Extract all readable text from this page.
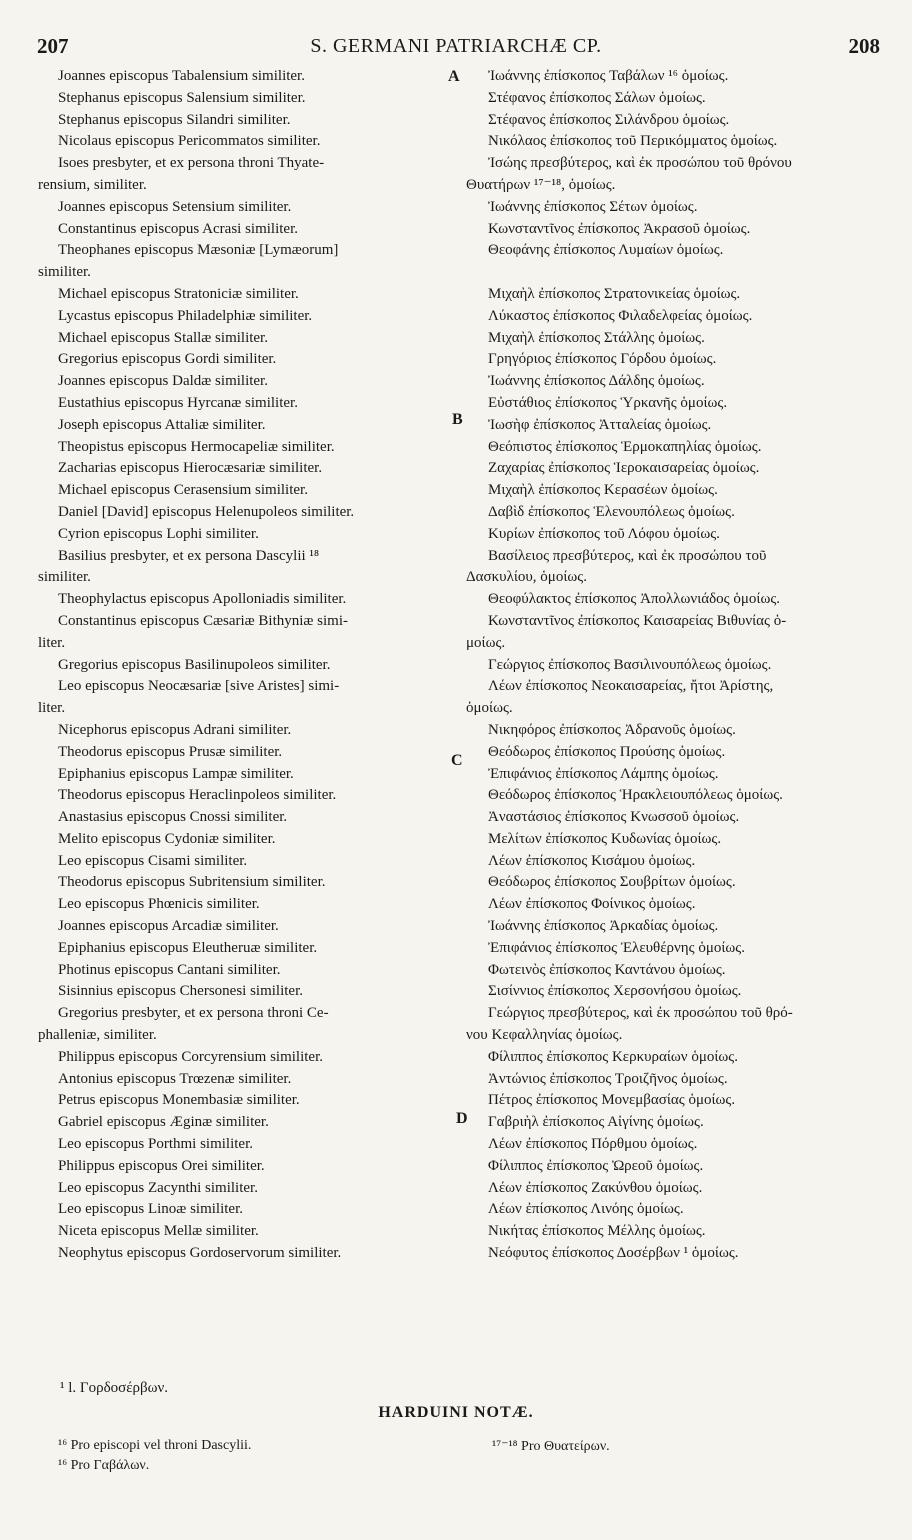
207	S. GERMANI PATRIARCHÆ CP.	208
Joannes episcopus Tabalensium similiter.
Stephanus episcopus Salensium similiter.
Stephanus episcopus Silandri similiter.
Nicolaus episcopus Pericommatos similiter.
Isoes presbyter, et ex persona throni Thyate-
rensium, similiter.
Joannes episcopus Setensium similiter.
Constantinus episcopus Acrasi similiter.
Theophanes episcopus Mæsoniæ [Lymæorum]
similiter.
Michael episcopus Stratoniciæ similiter.
Lycastus episcopus Philadelphiæ similiter.
Michael episcopus Stallæ similiter.
Gregorius episcopus Gordi similiter.
Joannes episcopus Daldæ similiter.
Eustathius episcopus Hyrcanæ similiter.
Joseph episcopus Attaliæ similiter.
Theopistus episcopus Hermocapeliæ similiter.
Zacharias episcopus Hierocæsariæ similiter.
Michael episcopus Cerasensium similiter.
Daniel [David] episcopus Helenupoleos similiter.
Cyrion episcopus Lophi similiter.
Basilius presbyter, et ex persona Dascylii ¹⁸
similiter.
Theophylactus episcopus Apolloniadis similiter.
Constantinus episcopus Cæsariæ Bithyniæ simi-
liter.
Gregorius episcopus Basilinupoleos similiter.
Leo episcopus Neocæsariæ [sive Aristes] simi-
liter.
Nicephorus episcopus Adrani similiter.
Theodorus episcopus Prusæ similiter.
Epiphanius episcopus Lampæ similiter.
Theodorus episcopus Heraclinpoleos similiter.
Anastasius episcopus Cnossi similiter.
Melito episcopus Cydoniæ similiter.
Leo episcopus Cisami similiter.
Theodorus episcopus Subritensium similiter.
Leo episcopus Phœnicis similiter.
Joannes episcopus Arcadiæ similiter.
Epiphanius episcopus Eleutheruæ similiter.
Photinus episcopus Cantani similiter.
Sisinnius episcopus Chersonesi similiter.
Gregorius presbyter, et ex persona throni Ce-
phalleniæ, similiter.
Philippus episcopus Corcyrensium similiter.
Antonius episcopus Trœzenæ similiter.
Petrus episcopus Monembasiæ similiter.
Gabriel episcopus Æginæ similiter.
Leo episcopus Porthmi similiter.
Philippus episcopus Orei similiter.
Leo episcopus Zacynthi similiter.
Leo episcopus Linoæ similiter.
Niceta episcopus Mellæ similiter.
Neophytus episcopus Gordoservorum similiter.
Ἰωάννης ἐπίσκοπος Ταβάλων ¹⁶ ὁμοίως.
Στέφανος ἐπίσκοπος Σάλων ὁμοίως.
Στέφανος ἐπίσκοπος Σιλάνδρου ὁμοίως.
Νικόλαος ἐπίσκοπος τοῦ Περικόμματος ὁμοίως.
Ἰσώης πρεσβύτερος, καὶ ἐκ προσώπου τοῦ θρόνου
Θυατήρων ¹⁷⁻¹⁸, ὁμοίως.
Ἰωάννης ἐπίσκοπος Σέτων ὁμοίως.
Κωνσταντῖνος ἐπίσκοπος Ἀκρασοῦ ὁμοίως.
Θεοφάνης ἐπίσκοπος Λυμαίων ὁμοίως.
Μιχαὴλ ἐπίσκοπος Στρατονικείας ὁμοίως.
Λύκαστος ἐπίσκοπος Φιλαδελφείας ὁμοίως.
Μιχαὴλ ἐπίσκοπος Στάλλης ὁμοίως.
Γρηγόριος ἐπίσκοπος Γόρδου ὁμοίως.
Ἰωάννης ἐπίσκοπος Δάλδης ὁμοίως.
Εὐστάθιος ἐπίσκοπος Ὑρκανῆς ὁμοίως.
Ἰωσὴφ ἐπίσκοπος Ἀτταλείας ὁμοίως.
Θεόπιστος ἐπίσκοπος Ἑρμοκαπηλίας ὁμοίως.
Ζαχαρίας ἐπίσκοπος Ἱεροκαισαρείας ὁμοίως.
Μιχαὴλ ἐπίσκοπος Κερασέων ὁμοίως.
Δαβὶδ ἐπίσκοπος Ἑλενουπόλεως ὁμοίως.
Κυρίων ἐπίσκοπος τοῦ Λόφου ὁμοίως.
Βασίλειος πρεσβύτερος, καὶ ἐκ προσώπου τοῦ
Δασκυλίου, ὁμοίως.
Θεοφύλακτος ἐπίσκοπος Ἀπολλωνιάδος ὁμοίως.
Κωνσταντῖνος ἐπίσκοπος Καισαρείας Βιθυνίας ὁ-
μοίως.
Γεώργιος ἐπίσκοπος Βασιλινουπόλεως ὁμοίως.
Λέων ἐπίσκοπος Νεοκαισαρείας, ἤτοι Ἀρίστης,
ὁμοίως.
Νικηφόρος ἐπίσκοπος Ἀδρανοῦς ὁμοίως.
Θεόδωρος ἐπίσκοπος Προύσης ὁμοίως.
Ἐπιφάνιος ἐπίσκοπος Λάμπης ὁμοίως.
Θεόδωρος ἐπίσκοπος Ἡρακλειουπόλεως ὁμοίως.
Ἀναστάσιος ἐπίσκοπος Κνωσσοῦ ὁμοίως.
Μελίτων ἐπίσκοπος Κυδωνίας ὁμοίως.
Λέων ἐπίσκοπος Κισάμου ὁμοίως.
Θεόδωρος ἐπίσκοπος Σουβρίτων ὁμοίως.
Λέων ἐπίσκοπος Φοίνικος ὁμοίως.
Ἰωάννης ἐπίσκοπος Ἀρκαδίας ὁμοίως.
Ἐπιφάνιος ἐπίσκοπος Ἐλευθέρνης ὁμοίως.
Φωτεινὸς ἐπίσκοπος Καντάνου ὁμοίως.
Σισίννιος ἐπίσκοπος Χερσονήσου ὁμοίως.
Γεώργιος πρεσβύτερος, καὶ ἐκ προσώπου τοῦ θρό-
νου Κεφαλληνίας ὁμοίως.
Φίλιππος ἐπίσκοπος Κερκυραίων ὁμοίως.
Ἀντώνιος ἐπίσκοπος Τροιζῆνος ὁμοίως.
Πέτρος ἐπίσκοπος Μονεμβασίας ὁμοίως.
Γαβριὴλ ἐπίσκοπος Αἰγίνης ὁμοίως.
Λέων ἐπίσκοπος Πόρθμου ὁμοίως.
Φίλιππος ἐπίσκοπος Ὠρεοῦ ὁμοίως.
Λέων ἐπίσκοπος Ζακύνθου ὁμοίως.
Λέων ἐπίσκοπος Λινόης ὁμοίως.
Νικήτας ἐπίσκοπος Μέλλης ὁμοίως.
Νεόφυτος ἐπίσκοπος Δοσέρβων ¹ ὁμοίως.
A
B
C
D
¹ l. Γορδοσέρβων.
HARDUINI NOTÆ.
¹⁶ Pro episcopi vel throni Dascylii.
¹⁶ Pro Γαβάλων.
¹⁷⁻¹⁸ Pro Θυατείρων.
